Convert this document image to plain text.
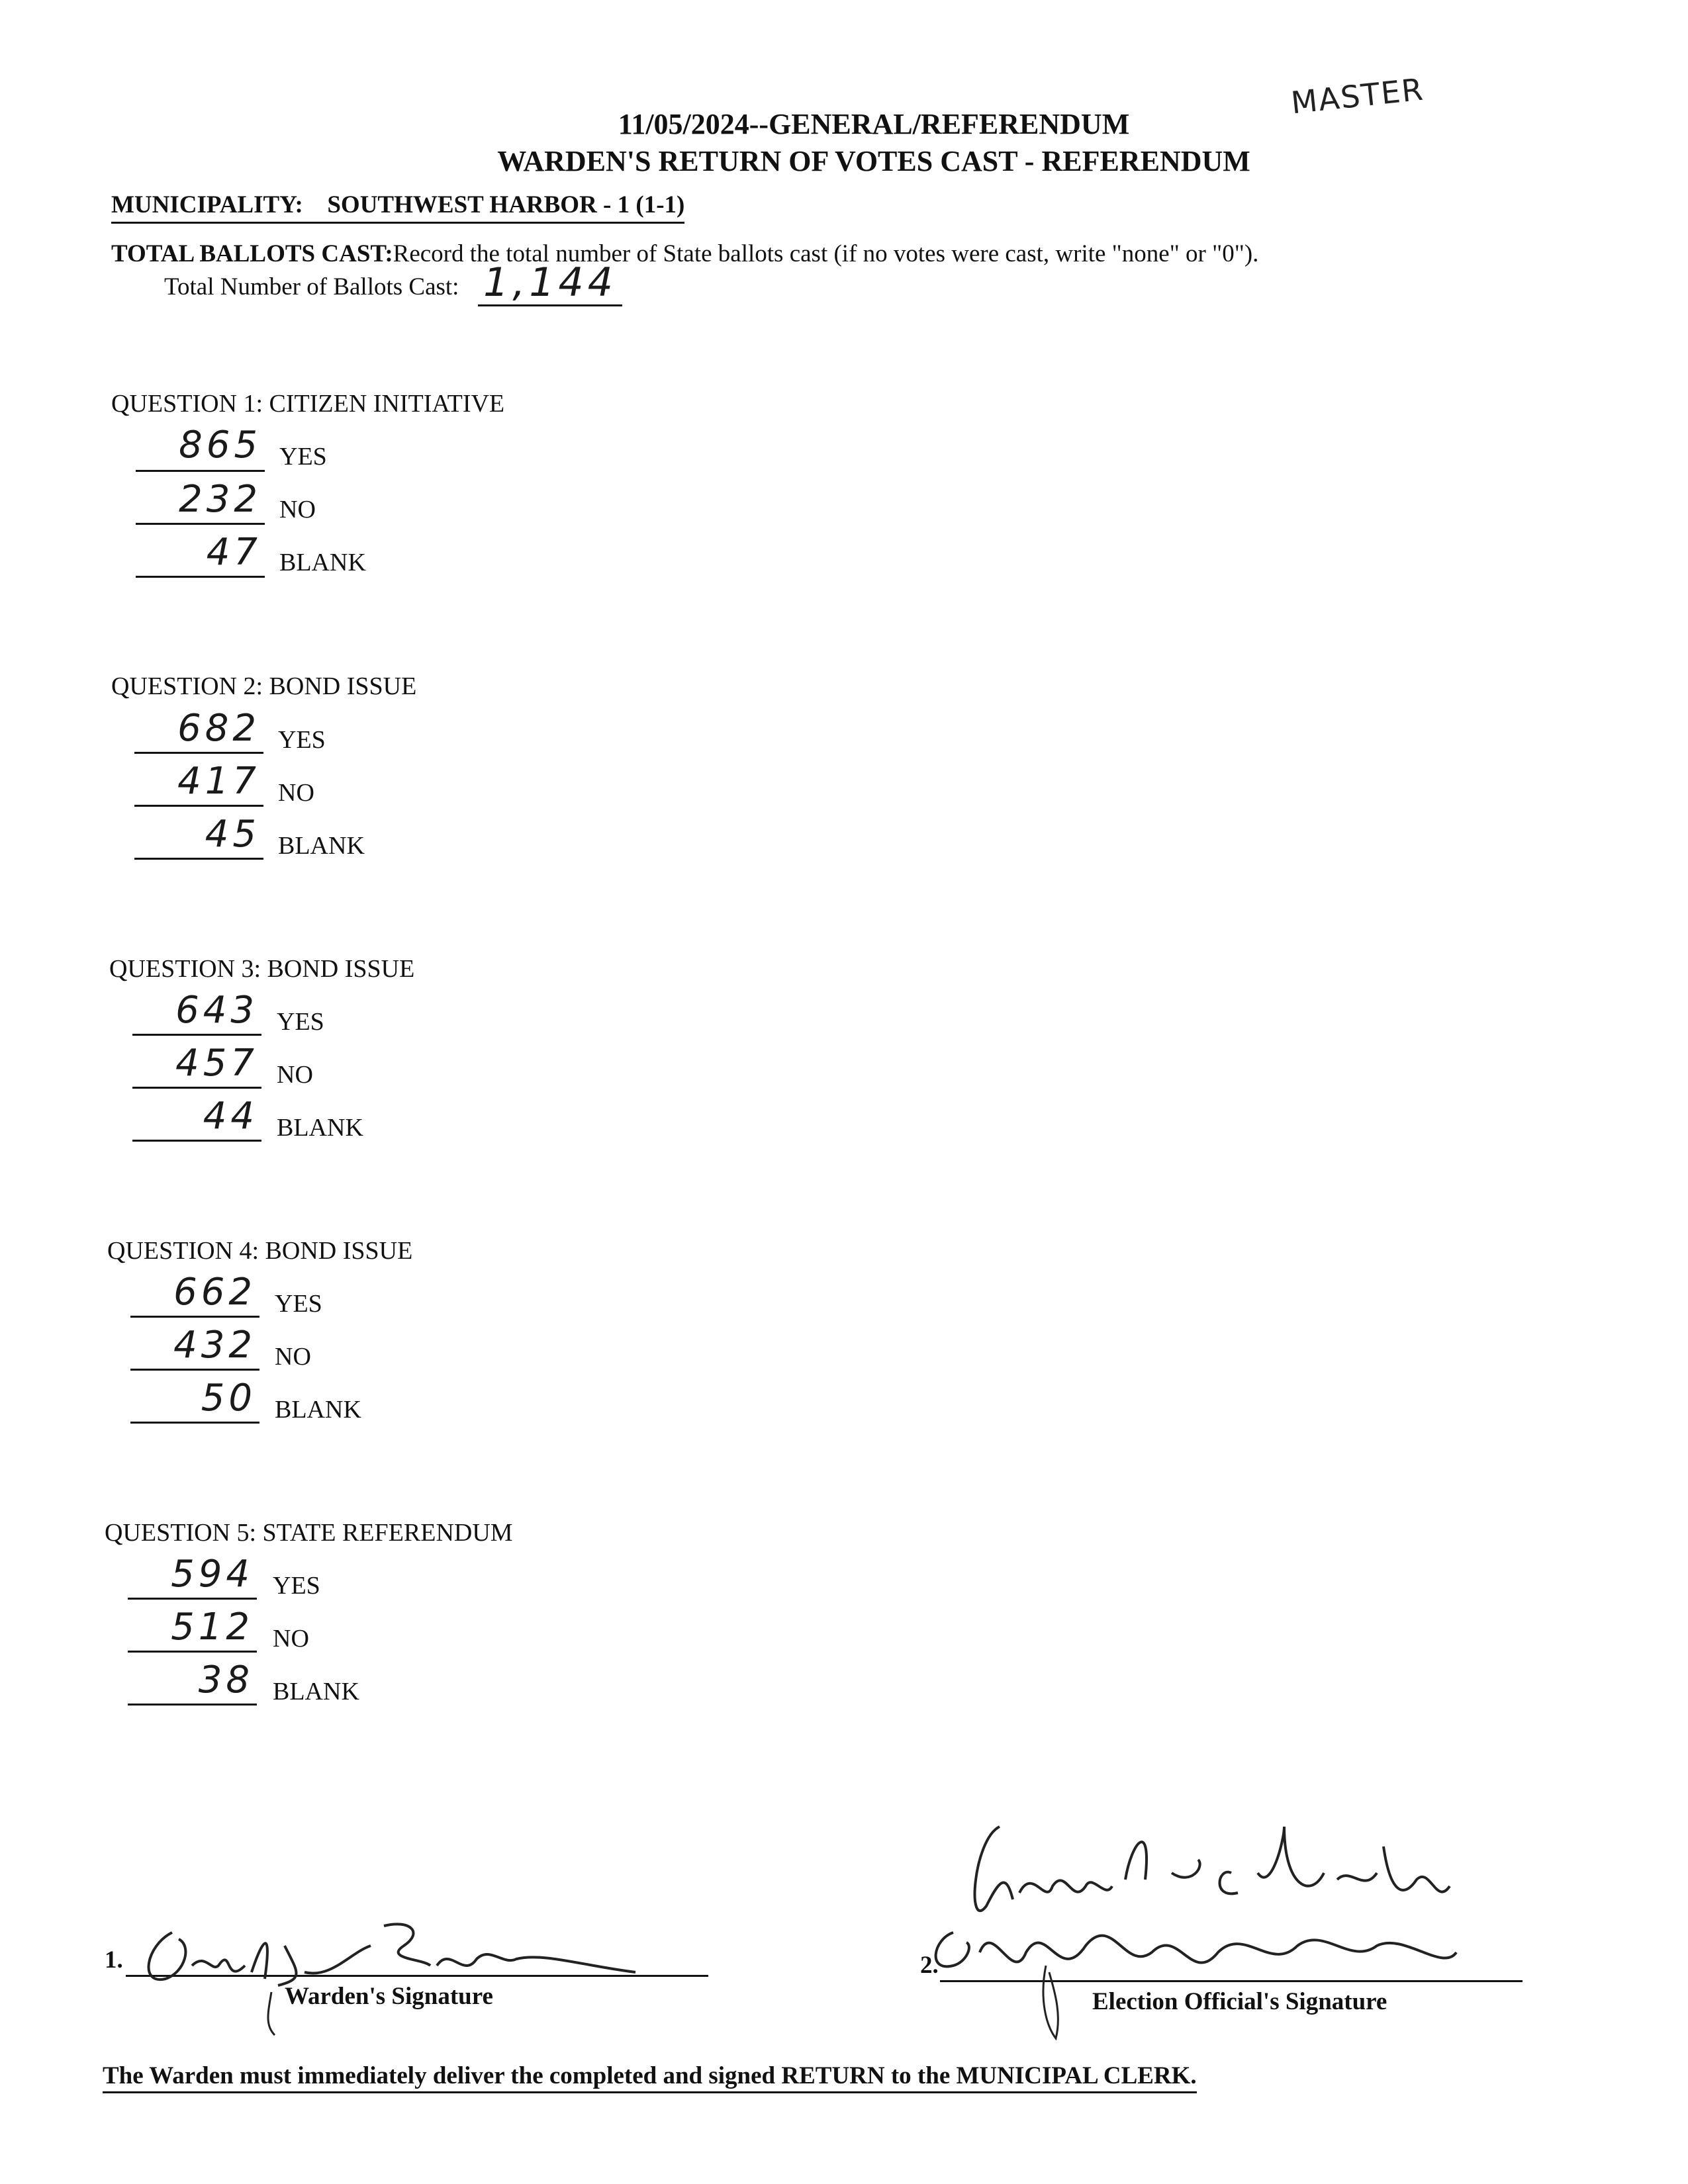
MASTER
11/05/2024--GENERAL/REFERENDUM
WARDEN'S RETURN OF VOTES CAST - REFERENDUM
MUNICIPALITY: SOUTHWEST HARBOR - 1 (1-1)
TOTAL BALLOTS CAST:Record the total number of State ballots cast (if no votes were cast, write "none" or "0").
Total Number of Ballots Cast: 1,144
QUESTION 1: CITIZEN INITIATIVE
865 YES
232 NO
47 BLANK
QUESTION 2: BOND ISSUE
682 YES
417 NO
45 BLANK
QUESTION 3: BOND ISSUE
643 YES
457 NO
44 BLANK
QUESTION 4: BOND ISSUE
662 YES
432 NO
50 BLANK
QUESTION 5: STATE REFERENDUM
594 YES
512 NO
38 BLANK
1.
Warden's Signature
2.
Election Official's Signature
The Warden must immediately deliver the completed and signed RETURN to the MUNICIPAL CLERK.
